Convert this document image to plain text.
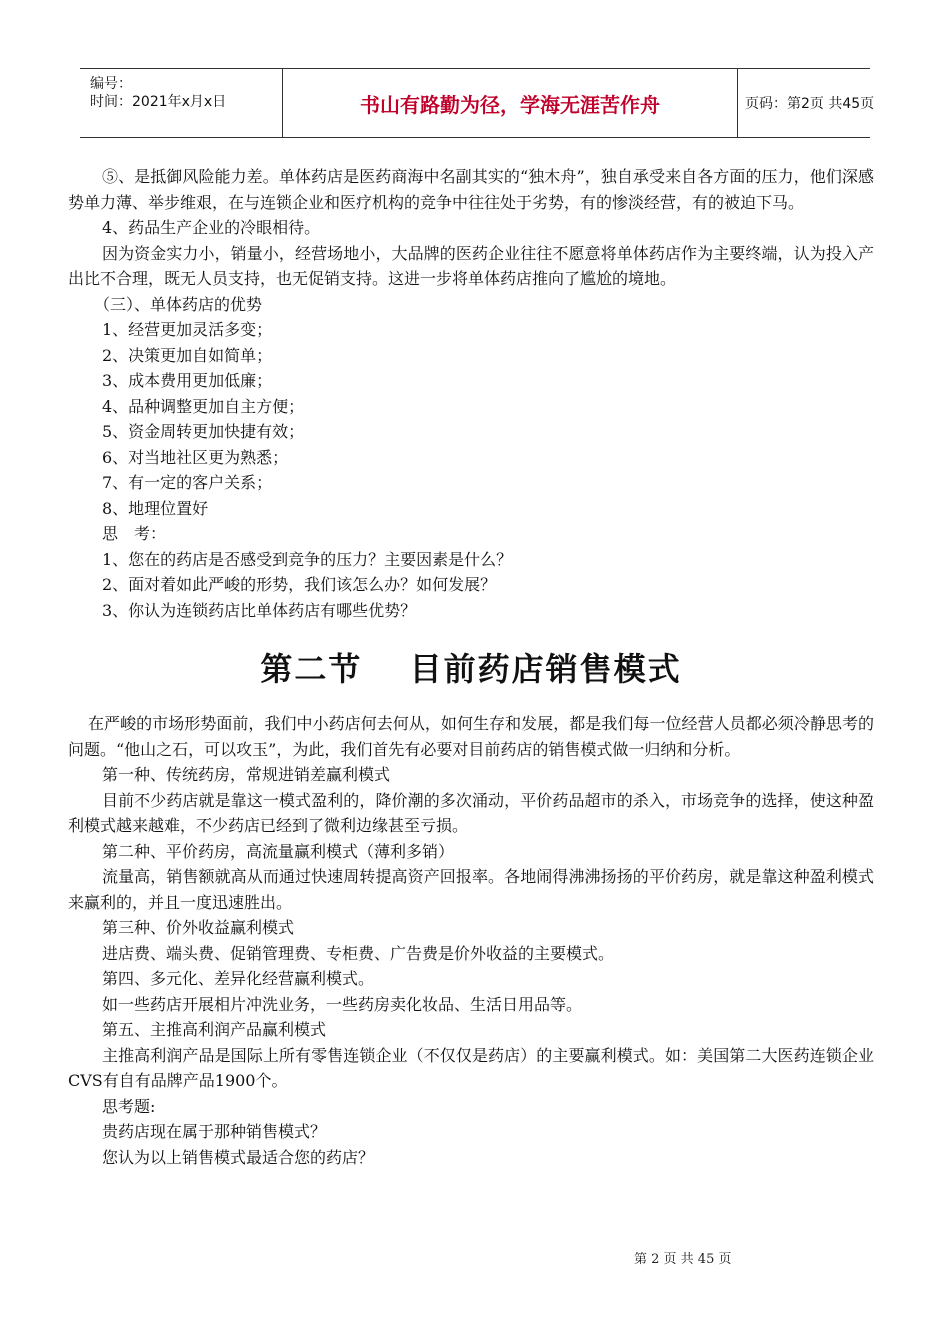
编号：
时间：2021年x月x日	书山有路勤为径，学海无涯苦作舟	页码：第2页 共45页

⑤、是抵御风险能力差。单体药店是医药商海中名副其实的“独木舟”，独自承受来自各方面的压力，他们深感势单力薄、举步维艰，在与连锁企业和医疗机构的竞争中往往处于劣势，有的惨淡经营，有的被迫下马。

4、药品生产企业的冷眼相待。

因为资金实力小，销量小，经营场地小，大品牌的医药企业往往不愿意将单体药店作为主要终端，认为投入产出比不合理，既无人员支持，也无促销支持。这进一步将单体药店推向了尴尬的境地。

（三）、单体药店的优势

1、经营更加灵活多变；

2、决策更加自如简单；

3、成本费用更加低廉；

4、品种调整更加自主方便；

5、资金周转更加快捷有效；

6、对当地社区更为熟悉；

7、有一定的客户关系；

8、地理位置好

思　考：

1、您在的药店是否感受到竞争的压力？主要因素是什么？

2、面对着如此严峻的形势，我们该怎么办？如何发展？

3、你认为连锁药店比单体药店有哪些优势？

第二节　 目前药店销售模式

在严峻的市场形势面前，我们中小药店何去何从，如何生存和发展，都是我们每一位经营人员都必须冷静思考的问题。“他山之石，可以攻玉”，为此，我们首先有必要对目前药店的销售模式做一归纳和分析。

第一种、传统药房，常规进销差赢利模式

目前不少药店就是靠这一模式盈利的，降价潮的多次涌动，平价药品超市的杀入，市场竞争的选择，使这种盈利模式越来越难，不少药店已经到了微利边缘甚至亏损。

第二种、平价药房，高流量赢利模式（薄利多销）

流量高，销售额就高从而通过快速周转提高资产回报率。各地闹得沸沸扬扬的平价药房，就是靠这种盈利模式来赢利的，并且一度迅速胜出。

第三种、价外收益赢利模式

进店费、端头费、促销管理费、专柜费、广告费是价外收益的主要模式。

第四、多元化、差异化经营赢利模式。

如一些药店开展相片冲洗业务，一些药房卖化妆品、生活日用品等。

第五、主推高利润产品赢利模式

主推高利润产品是国际上所有零售连锁企业（不仅仅是药店）的主要赢利模式。如：美国第二大医药连锁企业CVS有自有品牌产品1900个。

思考题:

贵药店现在属于那种销售模式？

您认为以上销售模式最适合您的药店？

第 2 页 共 45 页
